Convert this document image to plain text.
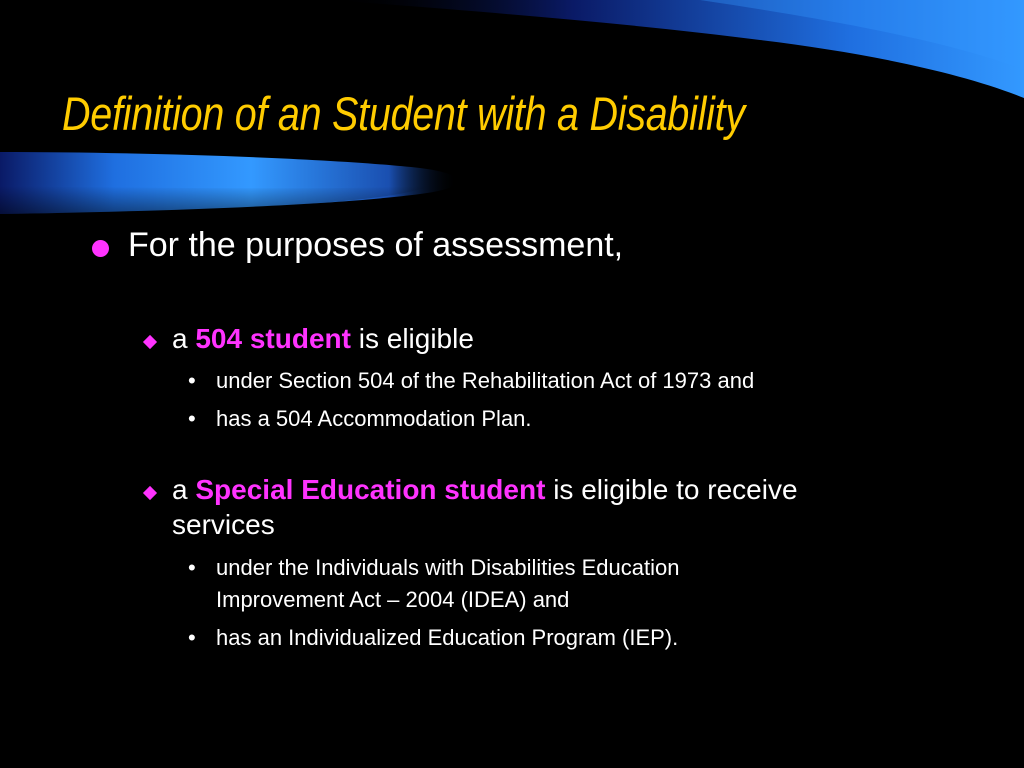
Definition of an Student with a Disability
For the purposes of assessment,
a 504 student is eligible
• under Section 504 of the Rehabilitation Act of 1973 and
• has a 504 Accommodation Plan.
a Special Education student is eligible to receive
services
• under the Individuals with Disabilities Education
Improvement Act – 2004 (IDEA) and
• has an Individualized Education Program (IEP).
